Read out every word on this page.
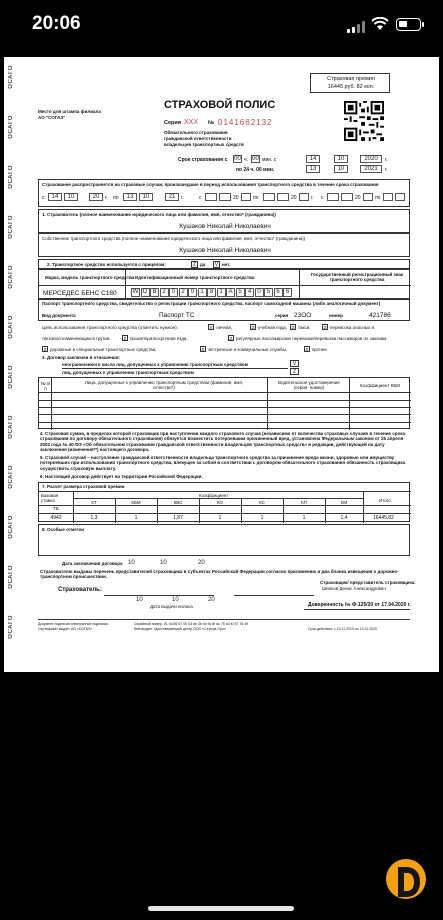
20:06
ОСАГО
ОСАГО
ОСАГО
ОСАГО
ОСАГО
ОСАГО
ОСАГО
ОСАГО
ОСАГО
ОСАГО
ОСАГО
ОСАГО
Страховая премия
16445 руб. 82 коп.
Место для штампа филиала
АО "СОГАЗ"
СТРАХОВОЙ ПОЛИС
Серия XXX № 0141662132
Обязательного страхования
гражданской ответственности
владельцев транспортных средств
Срок страхования с 00 ч. 00 мин. с	14	10	2020	г.
по 24 ч. 00 мин.	13	10	2021	г.
Страхование распространяется на страховые случаи, произошедшие в период использования транспортного средства в течение срока страхования
с	14	10	20	г. по	13	10	21	г.	с	20	по	20	г. с	20	по
1. Страхователь (полное наименование юридического лица или фамилия, имя, отчество* (гражданина))
Кушаков Николай Николаевич
Собственник транспортного средства (полное наименование юридического лица или фамилия, имя, отчество* (гражданина))
Кушаков Николай Николаевич
2. Транспортное средство используется с прицепом:	Z да	V нет.
Марка, модель транспортного средства Идентификационный номер транспортного средства
Государственный регистрационный знак транспортного средства
МЕРСЕДЕС БЕНС С180	W D B 2	0	2	0	1	8	1 A 5	4	0	5	6	6
Паспорт транспортного средства, свидетельство о регистрации транспортного средства, паспорт самоходной машины (либо аналогичный документ)
Вид документа	Паспорт ТС	серия 23ОО	номер	421786
Цель использования транспортного средства (отметить нужное):	V личная,	Z учебная езда,	Z такси,	Z перевозка опасных и
легковоспламеняющихся грузов,	Z прокат/краткосрочная езда,	Z регулярные пассажирские перевозки/перевозки пассажиров по заказам,
Z дорожные и специальные транспортные средства,	Z экстренные и коммунальные службы,	Z прочее.
3. Договор заключен в отношении:
неограниченного числа лиц, допущенных к управлению транспортным средством
лиц, допущенных к управлению транспортным средством
V
Z
№ п/п
Лица, допущенные к управлению транспортным средством (фамилия, имя, отчество*)
Водительское удостоверение (серия, номер)	Коэффициент КБМ
4. Страховая сумма, в пределах которой страховщик при наступлении каждого страхового случая (независимо от количества страховых случаев в течение срока страхования по договору обязательного страхования) обязуется возместить потерпевшим причиненный вред, установлена Федеральным законом от 25 апреля 2002 года № 40-ФЗ «Об обязательном страховании гражданской ответственности владельцев транспортных средств» в редакции, действующей на дату заключения (изменения**) настоящего договора.
5. Страховой случай – наступление гражданской ответственности владельца транспортного средства за причинение вреда жизни, здоровью или имуществу потерпевших при использовании транспортного средства, влекущее за собой в соответствии с договором обязательного страхования обязанность страховщика осуществить страховую выплату.
6. Настоящий договор действует на территории Российской Федерации.
7. Расчет размера страховой премии
Базовая ставка
Коэффициент
Итого
ТБ
4942
КТ
1,3
КБМ
1
КВС
1,87
КО
1
КС
1
КП
1
КМ
1,4	16445,82
8. Особые отметки
Дата заключения договора 10	10	20
Страхователю выданы перечень представителей страховщика в субъектах Российской Федерации согласно приложению и два бланка извещения о дорожно-транспортном происшествии.
Страхователь:
Страховщик/ представитель страховщика:
Шилков Денис Александрович
10	10	20
Дата выдачи полиса	Доверенность № Ф-125/20 от 17.04.2020 г.
Документ подписан электронной подписью.
Сертификат выдан: АО «СОГАЗ»
Серийный номер: 01 0d 86 67 00 04 ab 3b 9d 9c 8f ac 75 a3 f0 67 76 49
Кем выдан: Удостоверяющий центр ООО «Сертум-Про»	Срок действия: с 13.11.2019 по 13.11.2020
